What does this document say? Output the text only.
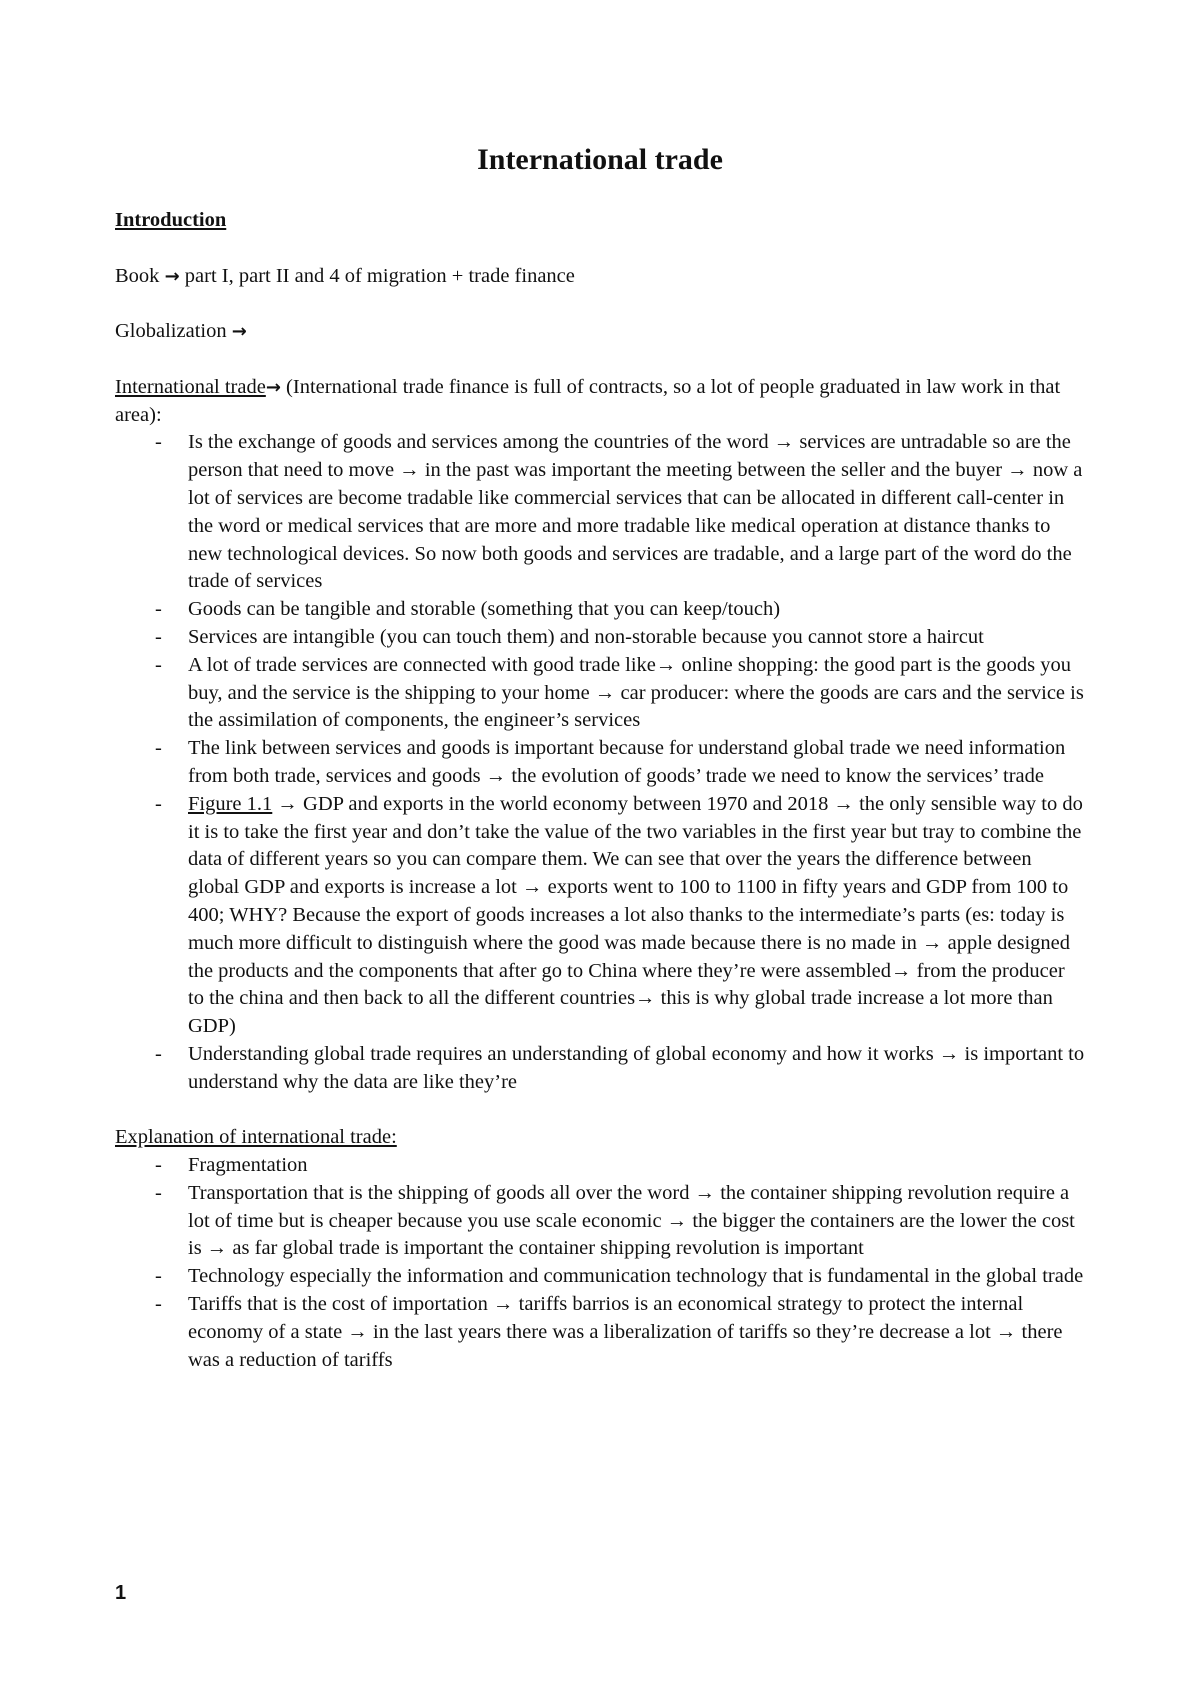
International trade

Introduction

Book → part I, part II and 4 of migration + trade finance

Globalization →

International trade→ (International trade finance is full of contracts, so a lot of people graduated in law work in that area):

- Is the exchange of goods and services among the countries of the word → services are untradable so are the person that need to move → in the past was important the meeting between the seller and the buyer → now a lot of services are become tradable like commercial services that can be allocated in different call-center in the word or medical services that are more and more tradable like medical operation at distance thanks to new technological devices. So now both goods and services are tradable, and a large part of the word do the trade of services
- Goods can be tangible and storable (something that you can keep/touch)
- Services are intangible (you can touch them) and non-storable because you cannot store a haircut
- A lot of trade services are connected with good trade like→ online shopping: the good part is the goods you buy, and the service is the shipping to your home → car producer: where the goods are cars and the service is the assimilation of components, the engineer’s services
- The link between services and goods is important because for understand global trade we need information from both trade, services and goods → the evolution of goods’ trade we need to know the services’ trade
- Figure 1.1 → GDP and exports in the world economy between 1970 and 2018 → the only sensible way to do it is to take the first year and don’t take the value of the two variables in the first year but tray to combine the data of different years so you can compare them. We can see that over the years the difference between global GDP and exports is increase a lot → exports went to 100 to 1100 in fifty years and GDP from 100 to 400; WHY? Because the export of goods increases a lot also thanks to the intermediate’s parts (es: today is much more difficult to distinguish where the good was made because there is no made in → apple designed the products and the components that after go to China where they’re were assembled→ from the producer to the china and then back to all the different countries→ this is why global trade increase a lot more than GDP)
- Understanding global trade requires an understanding of global economy and how it works → is important to understand why the data are like they’re

Explanation of international trade:

- Fragmentation
- Transportation that is the shipping of goods all over the word → the container shipping revolution require a lot of time but is cheaper because you use scale economic → the bigger the containers are the lower the cost is → as far global trade is important the container shipping revolution is important
- Technology especially the information and communication technology that is fundamental in the global trade
- Tariffs that is the cost of importation → tariffs barrios is an economical strategy to protect the internal economy of a state → in the last years there was a liberalization of tariffs so they’re decrease a lot → there was a reduction of tariffs
1
